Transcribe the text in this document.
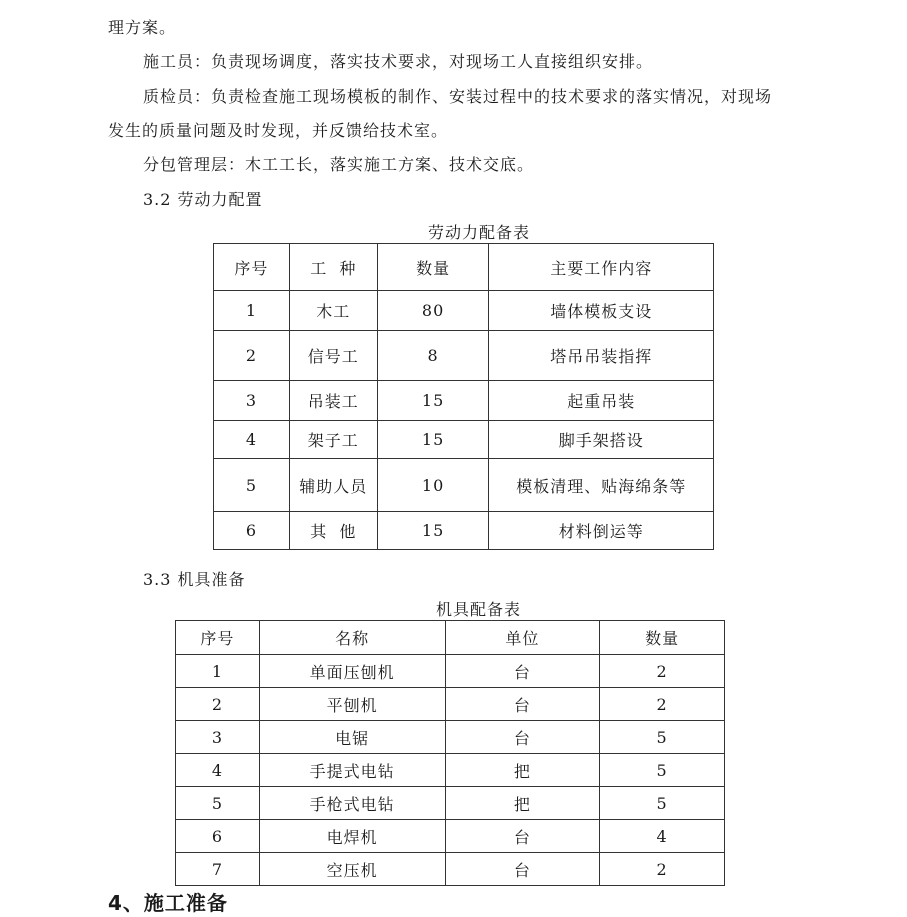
理方案。
施工员：负责现场调度，落实技术要求，对现场工人直接组织安排。
质检员：负责检查施工现场模板的制作、安装过程中的技术要求的落实情况，对现场
发生的质量问题及时发现，并反馈给技术室。
分包管理层：木工工长，落实施工方案、技术交底。
3.2 劳动力配置
劳动力配备表
序号	工  种	数量	主要工作内容
1	木工	80	墙体模板支设
2	信号工	8	塔吊吊装指挥
3	吊装工	15	起重吊装
4	架子工	15	脚手架搭设
5	辅助人员	10	模板清理、贴海绵条等
6	其  他	15	材料倒运等
3.3 机具准备
机具配备表
序号	名称	单位	数量
1	单面压刨机	台	2
2	平刨机	台	2
3	电锯	台	5
4	手提式电钻	把	5
5	手枪式电钻	把	5
6	电焊机	台	4
7	空压机	台	2
4、施工准备
